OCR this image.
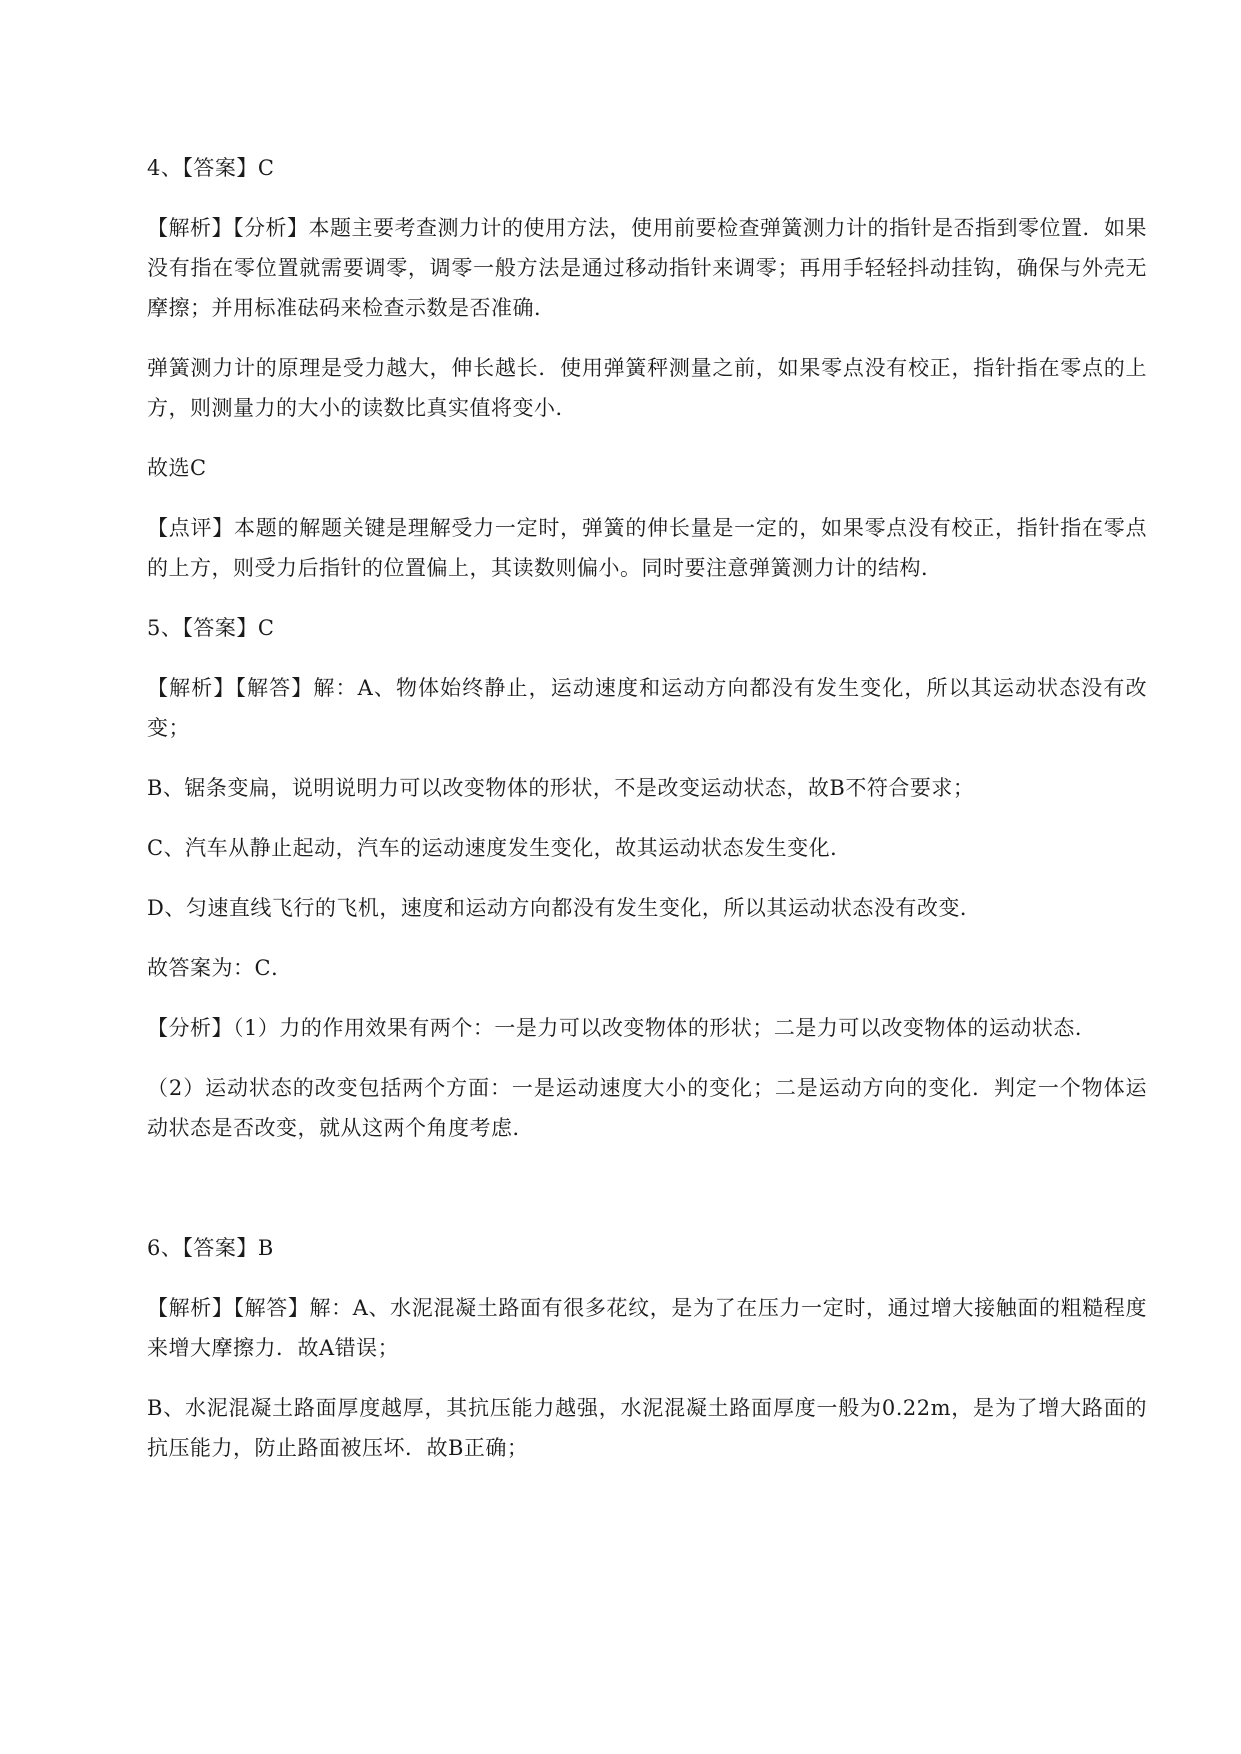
4、【答案】C

【解析】【分析】本题主要考查测力计的使用方法，使用前要检查弹簧测力计的指针是否指到零位置．如果没有指在零位置就需要调零，调零一般方法是通过移动指针来调零；再用手轻轻抖动挂钩，确保与外壳无摩擦；并用标准砝码来检查示数是否准确．

弹簧测力计的原理是受力越大，伸长越长．使用弹簧秤测量之前，如果零点没有校正，指针指在零点的上方，则测量力的大小的读数比真实值将变小．

故选C

【点评】本题的解题关键是理解受力一定时，弹簧的伸长量是一定的，如果零点没有校正，指针指在零点的上方，则受力后指针的位置偏上，其读数则偏小。同时要注意弹簧测力计的结构．

5、【答案】C

【解析】【解答】解：A、物体始终静止，运动速度和运动方向都没有发生变化，所以其运动状态没有改变；

B、锯条变扁，说明说明力可以改变物体的形状，不是改变运动状态，故B不符合要求；

C、汽车从静止起动，汽车的运动速度发生变化，故其运动状态发生变化．

D、匀速直线飞行的飞机，速度和运动方向都没有发生变化，所以其运动状态没有改变．

故答案为：C．

【分析】（1）力的作用效果有两个：一是力可以改变物体的形状；二是力可以改变物体的运动状态．

（2）运动状态的改变包括两个方面：一是运动速度大小的变化；二是运动方向的变化．判定一个物体运动状态是否改变，就从这两个角度考虑．

6、【答案】B

【解析】【解答】解：A、水泥混凝土路面有很多花纹，是为了在压力一定时，通过增大接触面的粗糙程度来增大摩擦力．故A错误；

B、水泥混凝土路面厚度越厚，其抗压能力越强，水泥混凝土路面厚度一般为0.22m，是为了增大路面的抗压能力，防止路面被压坏．故B正确；
